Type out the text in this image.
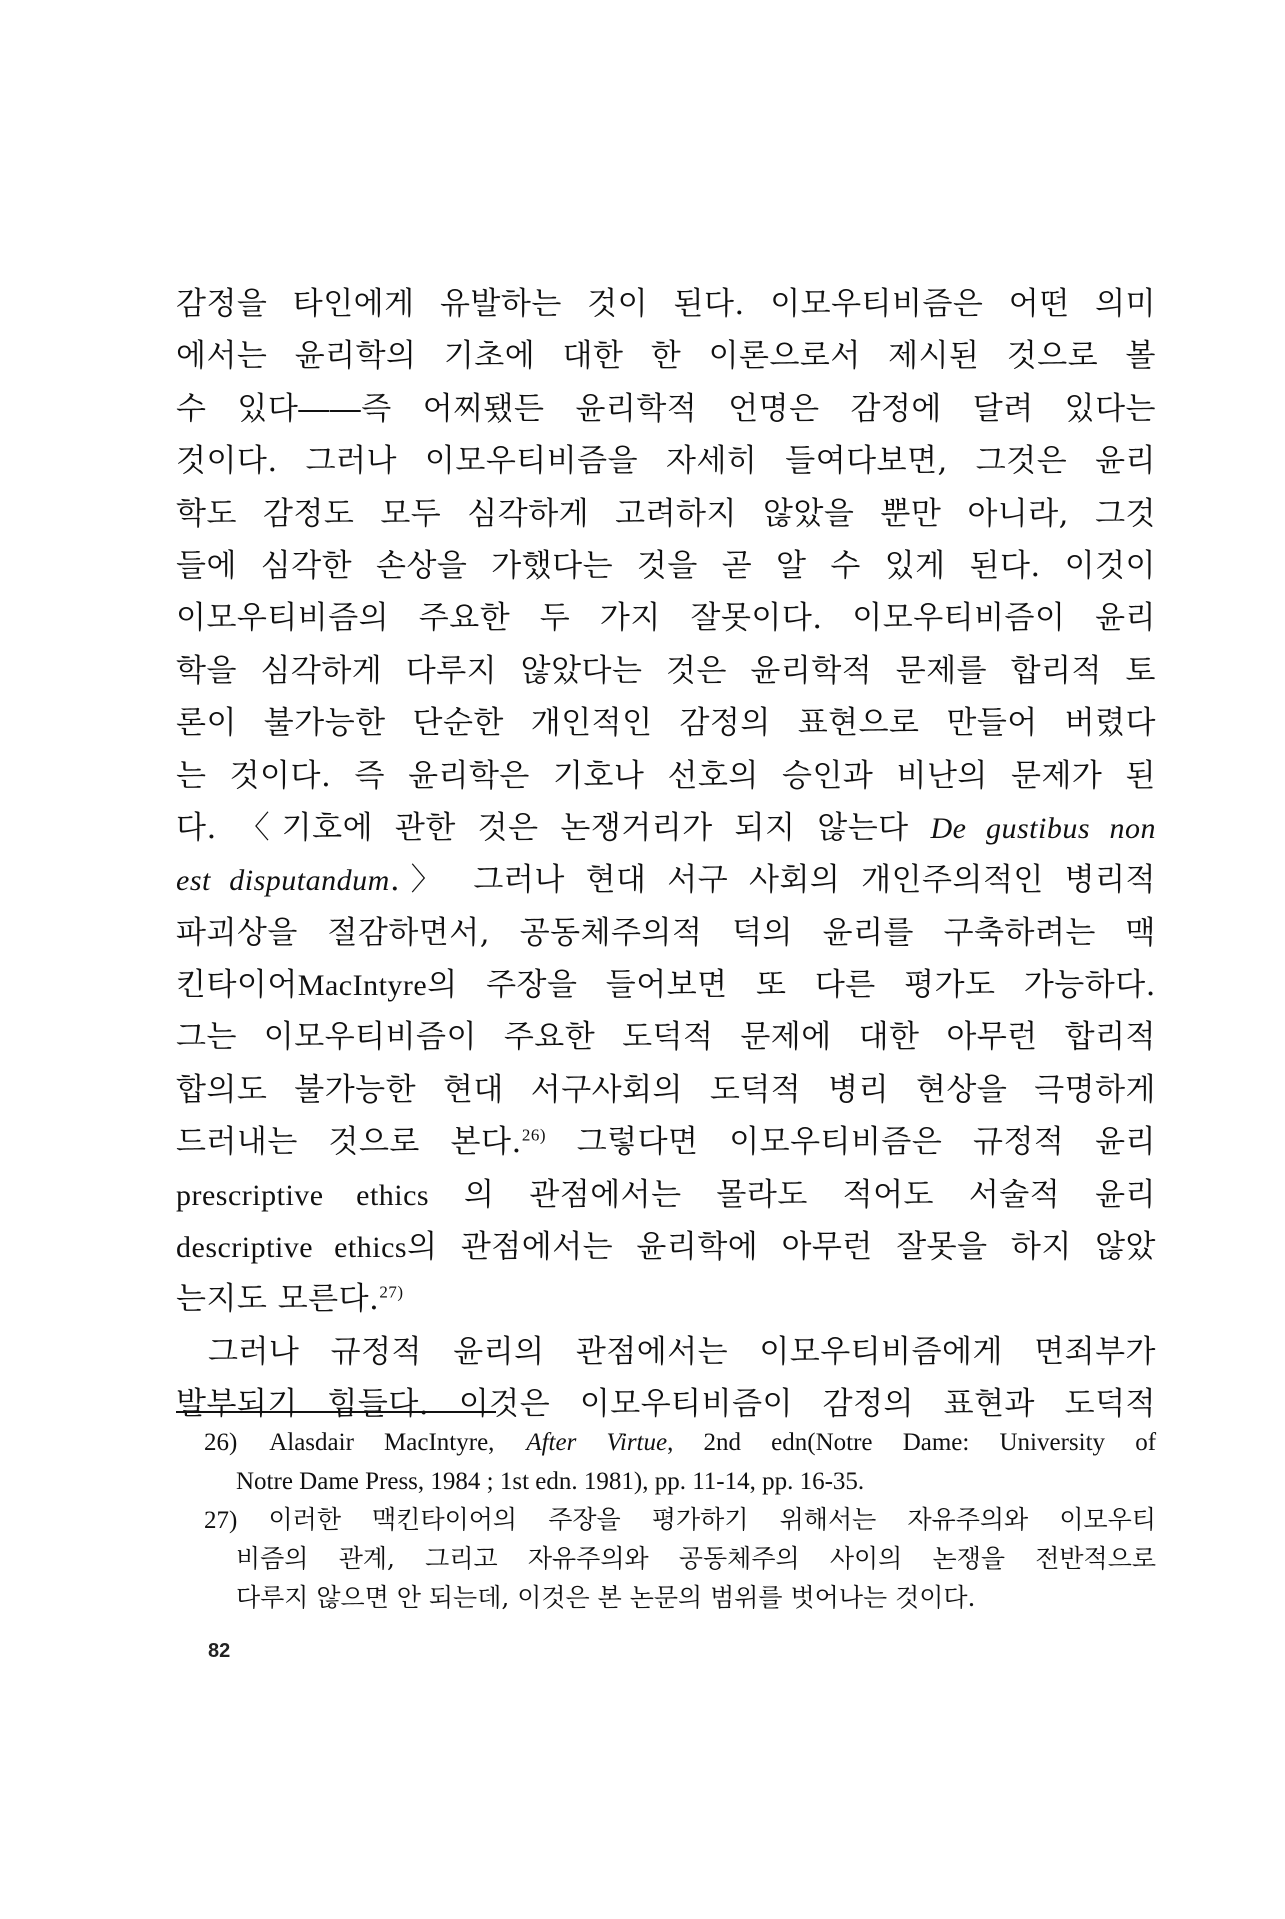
감정을 타인에게 유발하는 것이 된다. 이모우티비즘은 어떤 의미
에서는 윤리학의 기초에 대한 한 이론으로서 제시된 것으로 볼
수 있다――즉 어찌됐든 윤리학적 언명은 감정에 달려 있다는
것이다. 그러나 이모우티비즘을 자세히 들여다보면, 그것은 윤리
학도 감정도 모두 심각하게 고려하지 않았을 뿐만 아니라, 그것
들에 심각한 손상을 가했다는 것을 곧 알 수 있게 된다. 이것이
이모우티비즘의 주요한 두 가지 잘못이다. 이모우티비즘이 윤리
학을 심각하게 다루지 않았다는 것은 윤리학적 문제를 합리적 토
론이 불가능한 단순한 개인적인 감정의 표현으로 만들어 버렸다
는 것이다. 즉 윤리학은 기호나 선호의 승인과 비난의 문제가 된
다. 〈기호에 관한 것은 논쟁거리가 되지 않는다 De gustibus non
est disputandum.〉 그러나 현대 서구 사회의 개인주의적인 병리적
파괴상을 절감하면서, 공동체주의적 덕의 윤리를 구축하려는 맥
킨타이어MacIntyre의 주장을 들어보면 또 다른 평가도 가능하다.
그는 이모우티비즘이 주요한 도덕적 문제에 대한 아무런 합리적
합의도 불가능한 현대 서구사회의 도덕적 병리 현상을 극명하게
드러내는 것으로 본다.$^{26)}$ 그렇다면 이모우티비즘은 규정적 윤리
prescriptive ethics 의 관점에서는 몰라도 적어도 서술적 윤리
descriptive ethics의 관점에서는 윤리학에 아무런 잘못을 하지 않았
는지도 모른다.$^{27)}$
그러나 규정적 윤리의 관점에서는 이모우티비즘에게 면죄부가
발부되기 힘들다. 이것은 이모우티비즘이 감정의 표현과 도덕적
26) Alasdair MacIntyre, After Virtue, 2nd edn(Notre Dame: University of
Notre Dame Press, 1984 ; 1st edn. 1981), pp. 11-14, pp. 16-35.
27) 이러한 맥킨타이어의 주장을 평가하기 위해서는 자유주의와 이모우티
비즘의 관계, 그리고 자유주의와 공동체주의 사이의 논쟁을 전반적으로
다루지 않으면 안 되는데, 이것은 본 논문의 범위를 벗어나는 것이다.
82
